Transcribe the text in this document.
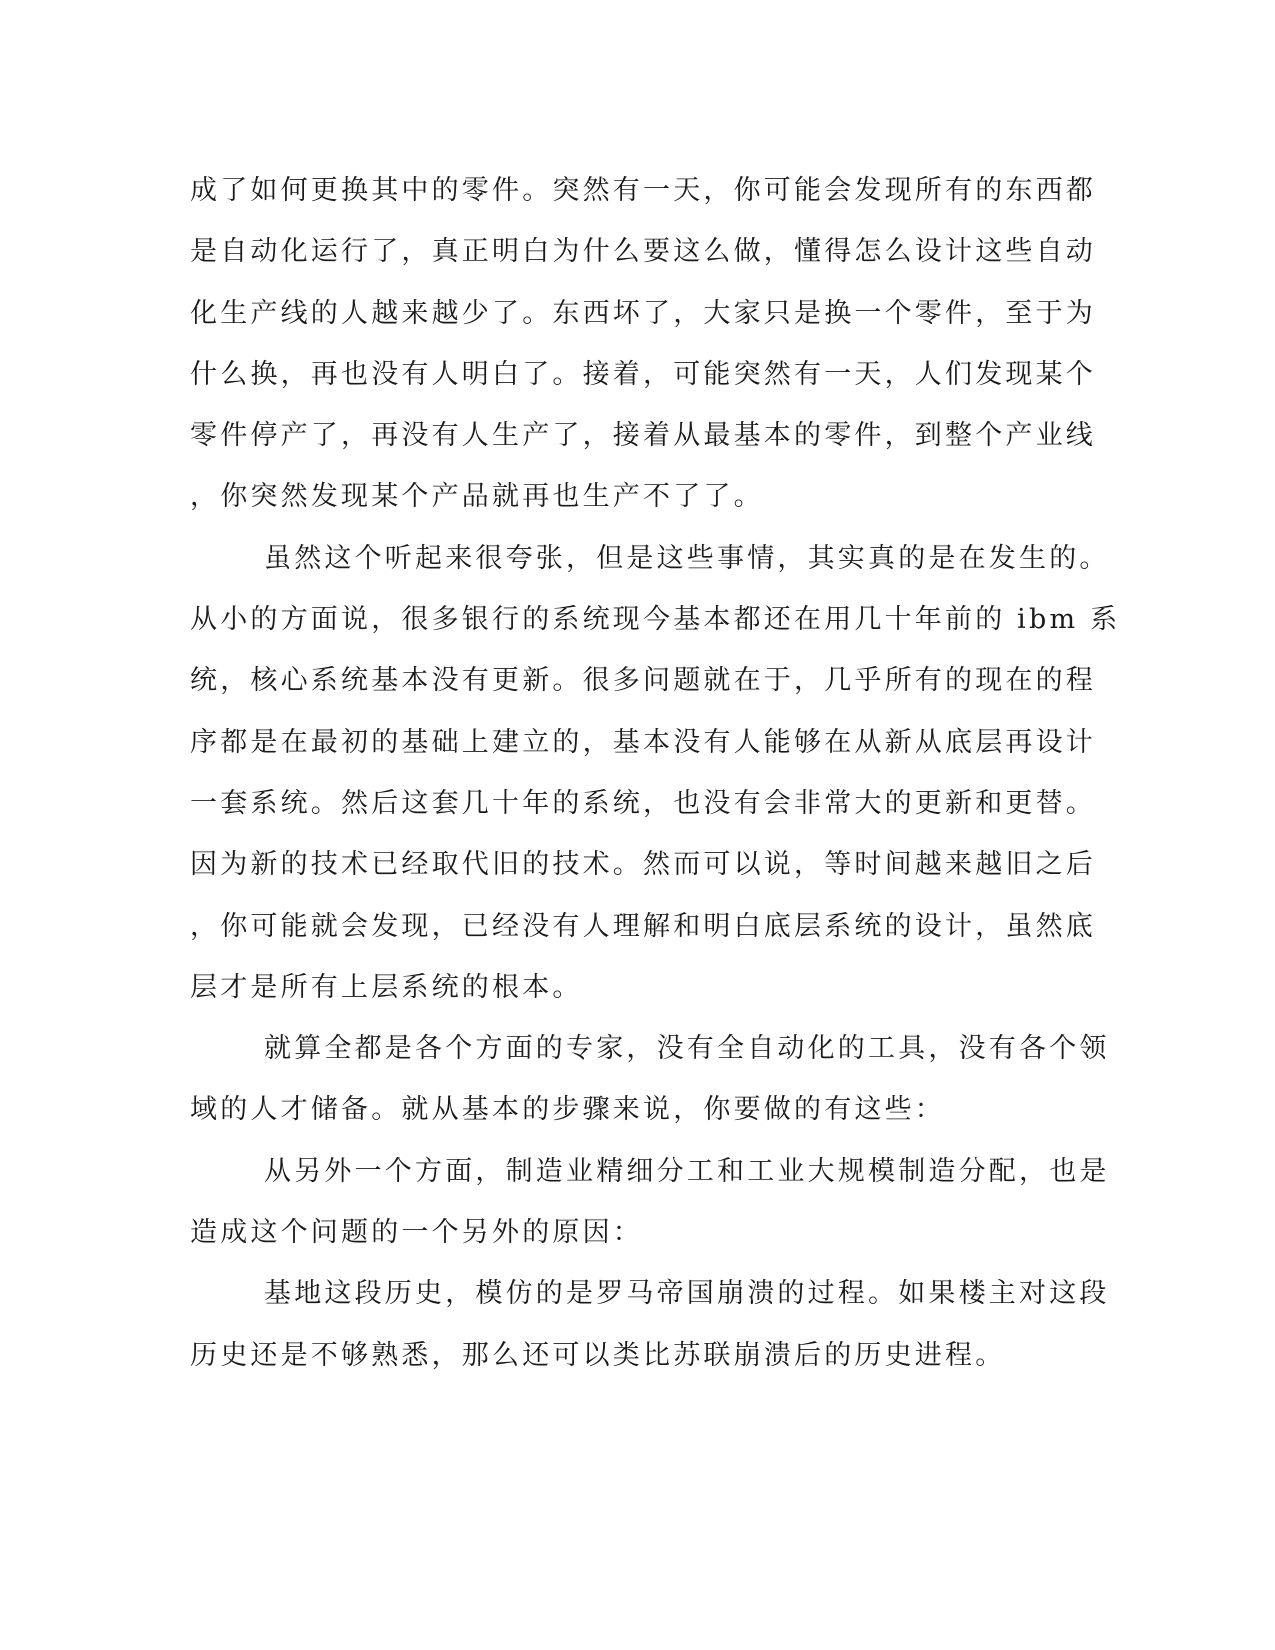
成了如何更换其中的零件。突然有一天，你可能会发现所有的东西都
是自动化运行了，真正明白为什么要这么做，懂得怎么设计这些自动
化生产线的人越来越少了。东西坏了，大家只是换一个零件，至于为
什么换，再也没有人明白了。接着，可能突然有一天，人们发现某个
零件停产了，再没有人生产了，接着从最基本的零件，到整个产业线
，你突然发现某个产品就再也生产不了了。
虽然这个听起来很夸张，但是这些事情，其实真的是在发生的。
从小的方面说，很多银行的系统现今基本都还在用几十年前的 ibm 系
统，核心系统基本没有更新。很多问题就在于，几乎所有的现在的程
序都是在最初的基础上建立的，基本没有人能够在从新从底层再设计
一套系统。然后这套几十年的系统，也没有会非常大的更新和更替。
因为新的技术已经取代旧的技术。然而可以说，等时间越来越旧之后
，你可能就会发现，已经没有人理解和明白底层系统的设计，虽然底
层才是所有上层系统的根本。
就算全都是各个方面的专家，没有全自动化的工具，没有各个领
域的人才储备。就从基本的步骤来说，你要做的有这些：
从另外一个方面，制造业精细分工和工业大规模制造分配，也是
造成这个问题的一个另外的原因：
基地这段历史，模仿的是罗马帝国崩溃的过程。如果楼主对这段
历史还是不够熟悉，那么还可以类比苏联崩溃后的历史进程。
